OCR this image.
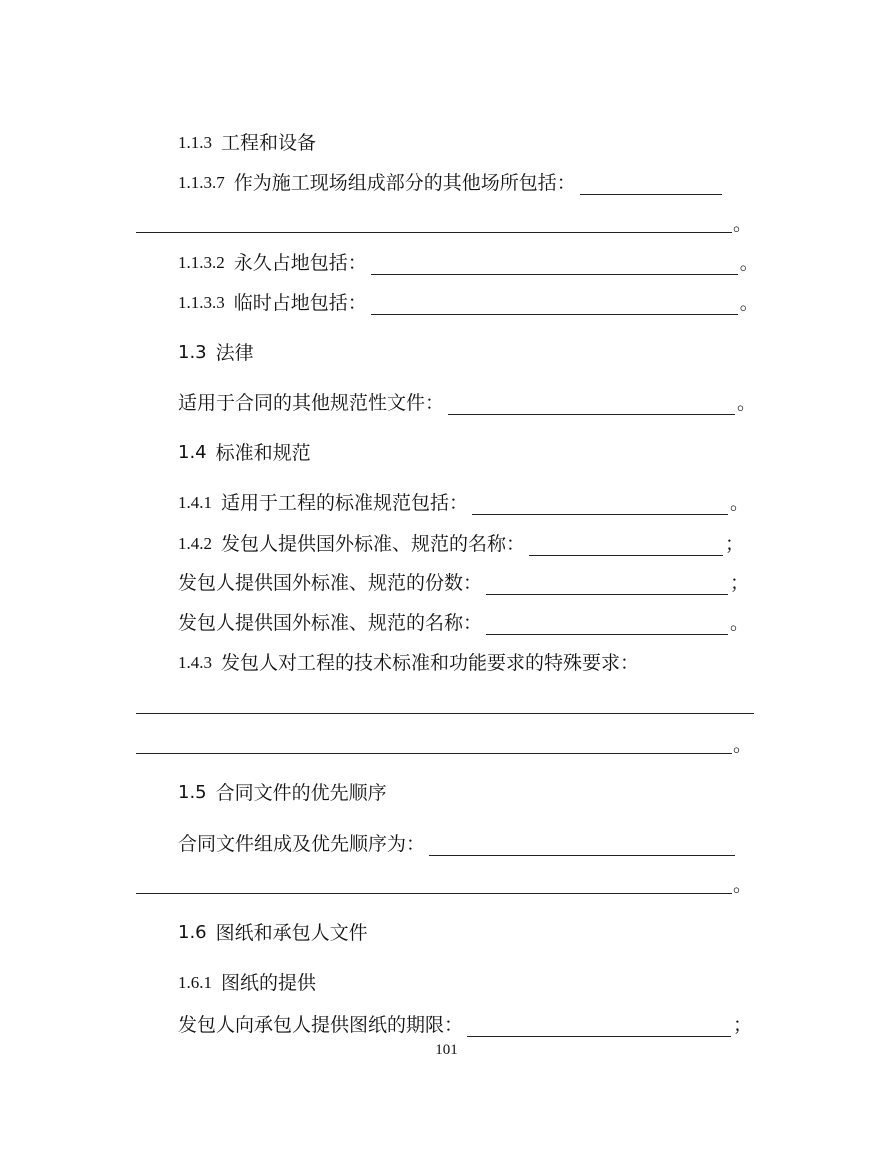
1.1.3 工程和设备
1.1.3.7 作为施工现场组成部分的其他场所包括：
。
1.1.3.2 永久占地包括：	。
1.1.3.3 临时占地包括：	。
1.3 法律
适用于合同的其他规范性文件：	。
1.4 标准和规范
1.4.1 适用于工程的标准规范包括：	。
1.4.2 发包人提供国外标准、规范的名称：	；
发包人提供国外标准、规范的份数：	；
发包人提供国外标准、规范的名称：	。
1.4.3 发包人对工程的技术标准和功能要求的特殊要求：
。
1.5 合同文件的优先顺序
合同文件组成及优先顺序为：
。
1.6 图纸和承包人文件
1.6.1 图纸的提供
发包人向承包人提供图纸的期限：	；
101
